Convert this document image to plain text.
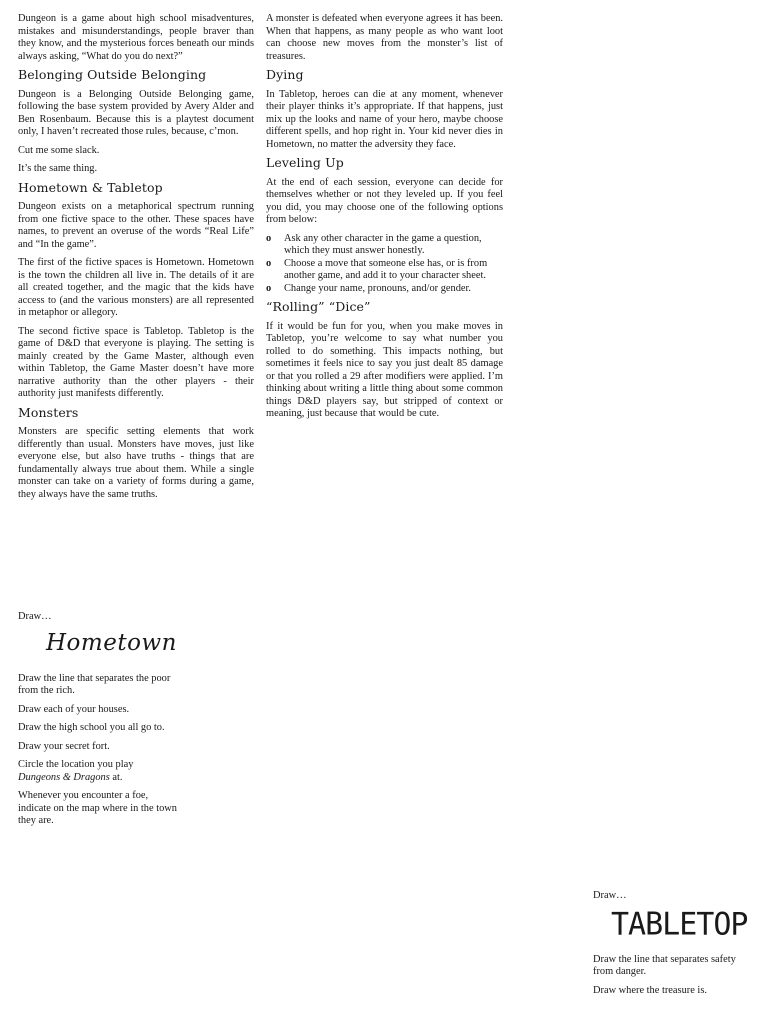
Dungeon is a game about high school misadventures, mistakes and misunderstandings, people braver than they know, and the mysterious forces beneath our minds always asking, “What do you do next?”

Belonging Outside Belonging

Dungeon is a Belonging Outside Belonging game, following the base system provided by Avery Alder and Ben Rosenbaum. Because this is a playtest document only, I haven’t recreated those rules, because, c’mon.

Cut me some slack.

It’s the same thing.

Hometown & Tabletop

Dungeon exists on a metaphorical spectrum running from one fictive space to the other. These spaces have names, to prevent an overuse of the words “Real Life” and “In the game”.

The first of the fictive spaces is Hometown. Hometown is the town the children all live in. The details of it are all created together, and the magic that the kids have access to (and the various monsters) are all represented in metaphor or allegory.

The second fictive space is Tabletop. Tabletop is the game of D&D that everyone is playing. The setting is mainly created by the Game Master, although even within Tabletop, the Game Master doesn’t have more narrative authority than the other players - their authority just manifests differently.

Monsters

Monsters are specific setting elements that work differently than usual. Monsters have moves, just like everyone else, but also have truths - things that are fundamentally always true about them. While a single monster can take on a variety of forms during a game, they always have the same truths.

A monster is defeated when everyone agrees it has been. When that happens, as many people as who want loot can choose new moves from the monster’s list of treasures.

Dying

In Tabletop, heroes can die at any moment, whenever their player thinks it’s appropriate. If that happens, just mix up the looks and name of your hero, maybe choose different spells, and hop right in. Your kid never dies in Hometown, no matter the adversity they face.

Leveling Up

At the end of each session, everyone can decide for themselves whether or not they leveled up. If you feel you did, you may choose one of the following options from below:

o Ask any other character in the game a question, which they must answer honestly.
o Choose a move that someone else has, or is from another game, and add it to your character sheet.
o Change your name, pronouns, and/or gender.
“Rolling” “Dice”

If it would be fun for you, when you make moves in Tabletop, you’re welcome to say what number you rolled to do something. This impacts nothing, but sometimes it feels nice to say you just dealt 85 damage or that you rolled a 29 after modifiers were applied. I’m thinking about writing a little thing about some common things D&D players say, but stripped of context or meaning, just because that would be cute.

Draw…

Hometown

Draw the line that separates the poor from the rich.

Draw each of your houses.

Draw the high school you all go to.

Draw your secret fort.

Circle the location you play
Dungeons & Dragons at.

Whenever you encounter a foe, indicate on the map where in the town they are.

Draw…

TABLETOP

Draw the line that separates safety from danger.

Draw where the treasure is.
